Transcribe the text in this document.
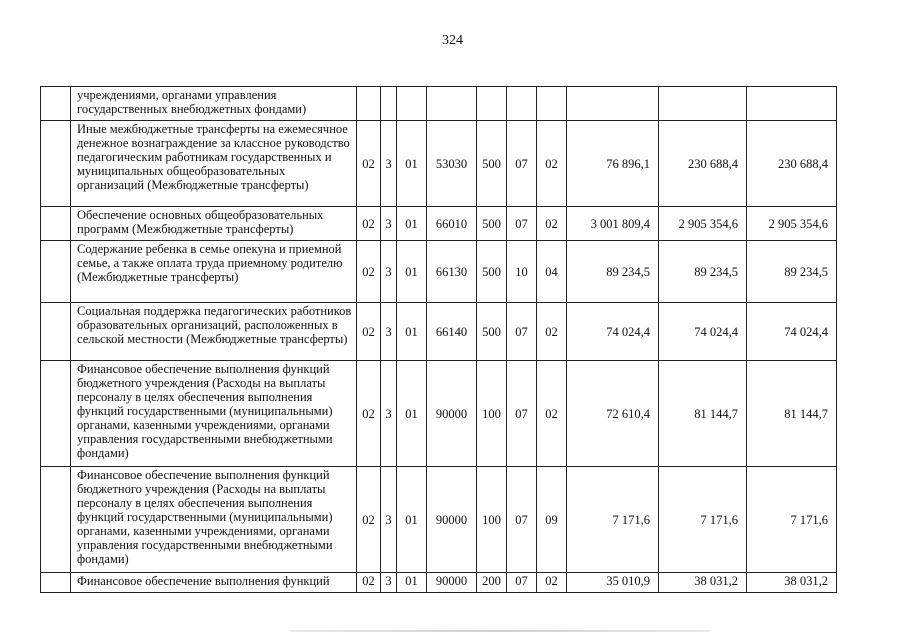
324
	учреждениями, органами управления государственных внебюджетных фондами)										
	Иные межбюджетные трансферты на ежемесячное денежное вознаграждение за классное руководство педагогическим работникам государственных и муниципальных общеобразовательных организаций (Межбюджетные трансферты)	02	3	01	53030	500	07	02	76 896,1	230 688,4	230 688,4
	Обеспечение основных общеобразовательных программ (Межбюджетные трансферты)	02	3	01	66010	500	07	02	3 001 809,4	2 905 354,6	2 905 354,6
	Содержание ребенка в семье опекуна и приемной семье, а также оплата труда приемному родителю (Межбюджетные трансферты)	02	3	01	66130	500	10	04	89 234,5	89 234,5	89 234,5
	Социальная поддержка педагогических работников образовательных организаций, расположенных в сельской местности (Межбюджетные трансферты)	02	3	01	66140	500	07	02	74 024,4	74 024,4	74 024,4
	Финансовое обеспечение выполнения функций бюджетного учреждения (Расходы на выплаты персоналу в целях обеспечения выполнения функций государственными (муниципальными) органами, казенными учреждениями, органами управления государственными внебюджетными фондами)	02	3	01	90000	100	07	02	72 610,4	81 144,7	81 144,7
	Финансовое обеспечение выполнения функций бюджетного учреждения (Расходы на выплаты персоналу в целях обеспечения выполнения функций государственными (муниципальными) органами, казенными учреждениями, органами управления государственными внебюджетными фондами)	02	3	01	90000	100	07	09	7 171,6	7 171,6	7 171,6
	Финансовое обеспечение выполнения функций	02	3	01	90000	200	07	02	35 010,9	38 031,2	38 031,2
